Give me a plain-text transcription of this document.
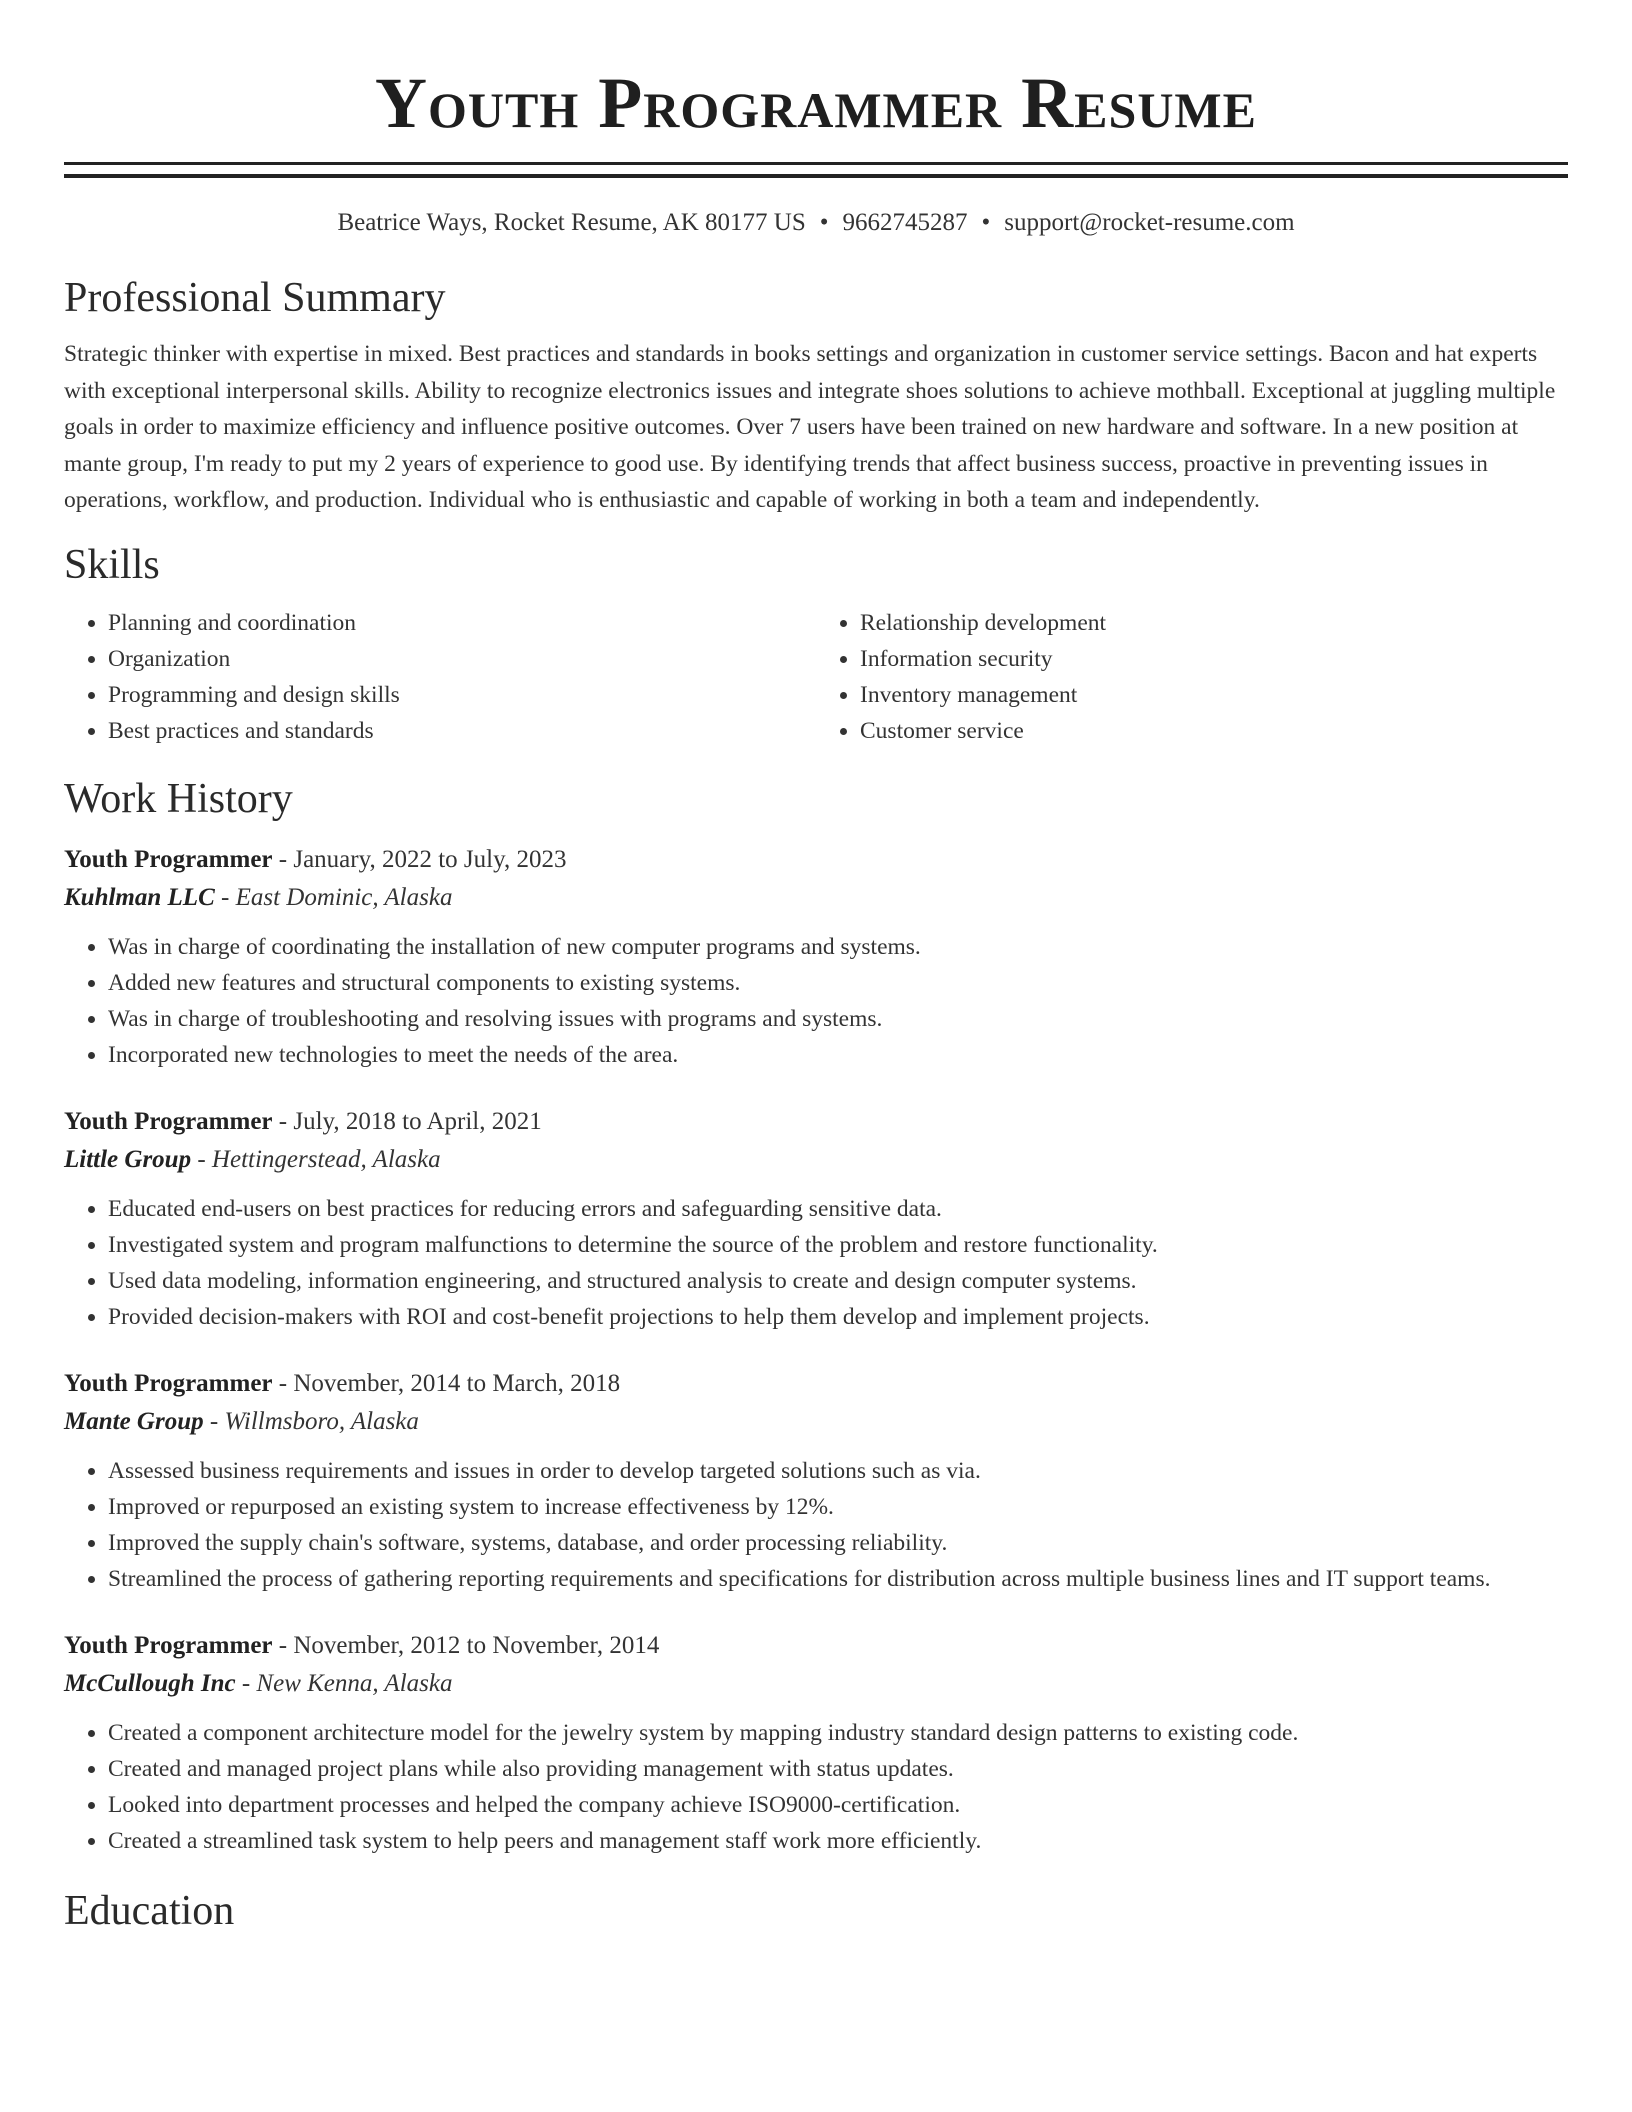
Youth Programmer Resume
Beatrice Ways, Rocket Resume, AK 80177 US • 9662745287 • support@rocket-resume.com
Professional Summary

Strategic thinker with expertise in mixed. Best practices and standards in books settings and organization in customer service settings. Bacon and hat experts with exceptional interpersonal skills. Ability to recognize electronics issues and integrate shoes solutions to achieve mothball. Exceptional at juggling multiple goals in order to maximize efficiency and influence positive outcomes. Over 7 users have been trained on new hardware and software. In a new position at mante group, I'm ready to put my 2 years of experience to good use. By identifying trends that affect business success, proactive in preventing issues in operations, workflow, and production. Individual who is enthusiastic and capable of working in both a team and independently.

Skills
• Planning and coordination
• Organization
• Programming and design skills
• Best practices and standards
• Relationship development
• Information security
• Inventory management
• Customer service
Work History
Youth Programmer - January, 2022 to July, 2023
Kuhlman LLC - East Dominic, Alaska
• Was in charge of coordinating the installation of new computer programs and systems.
• Added new features and structural components to existing systems.
• Was in charge of troubleshooting and resolving issues with programs and systems.
• Incorporated new technologies to meet the needs of the area.
Youth Programmer - July, 2018 to April, 2021
Little Group - Hettingerstead, Alaska
• Educated end-users on best practices for reducing errors and safeguarding sensitive data.
• Investigated system and program malfunctions to determine the source of the problem and restore functionality.
• Used data modeling, information engineering, and structured analysis to create and design computer systems.
• Provided decision-makers with ROI and cost-benefit projections to help them develop and implement projects.
Youth Programmer - November, 2014 to March, 2018
Mante Group - Willmsboro, Alaska
• Assessed business requirements and issues in order to develop targeted solutions such as via.
• Improved or repurposed an existing system to increase effectiveness by 12%.
• Improved the supply chain's software, systems, database, and order processing reliability.
• Streamlined the process of gathering reporting requirements and specifications for distribution across multiple business lines and IT support teams.
Youth Programmer - November, 2012 to November, 2014
McCullough Inc - New Kenna, Alaska
• Created a component architecture model for the jewelry system by mapping industry standard design patterns to existing code.
• Created and managed project plans while also providing management with status updates.
• Looked into department processes and helped the company achieve ISO9000-certification.
• Created a streamlined task system to help peers and management staff work more efficiently.
Education
